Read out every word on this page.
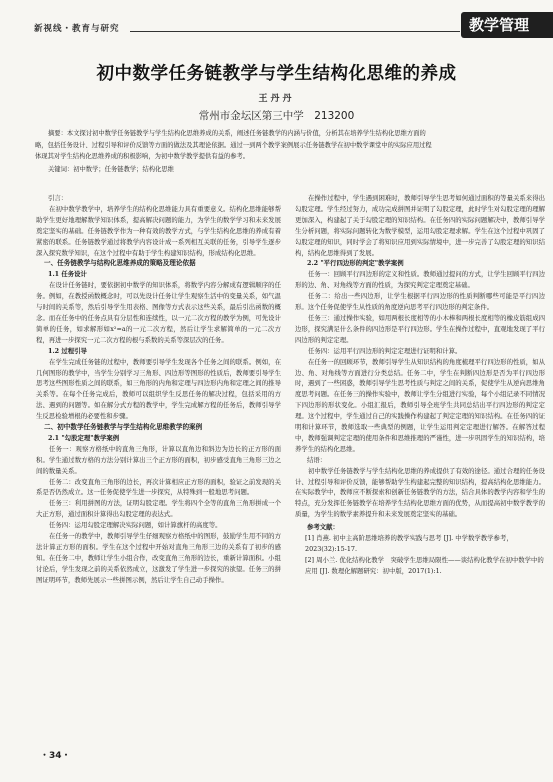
新视线・教育与研究	教学管理
初中数学任务链教学与学生结构化思维的养成
王丹丹
常州市金坛区第三中学　213200
摘要：本文探讨初中数学任务链教学与学生结构化思维养成的关系，阐述任务链教学的内涵与价值，分析其在培养学生结构化思维方面的
略，包括任务设计、过程引导和评价反馈等方面的做法及其理论依据。通过一到两个教学案例展示任务链教学在初中数学课堂中的实际应用过程
体现其对学生结构化思维养成的积极影响，为初中数学教学提供有益的参考。
关键词：初中数学；任务链教学；结构化思维
引言：
在初中数学教学中，培养学生的结构化思维能力具有重要意义。结构化思维能够帮助学生更好地理解数学知识体系，提高解决问题的能力，为学生的数学学习和未来发展奠定坚实的基础。任务链教学作为一种有效的教学方式，与学生结构化思维的养成有着紧密的联系。任务链教学通过将教学内容设计成一系列相互关联的任务，引导学生逐步深入探究数学知识，在这个过程中有助于学生构建知识结构，形成结构化思维。
一、任务链教学与结构化思维养成的策略及理论依据
1.1 任务设计
在设计任务链时，要依据初中数学的知识体系，将数学内容分解成有逻辑顺序的任务。例如，在教授函数概念时，可以先设计任务让学生观察生活中的变量关系，如气温与时间的关系等，然后引导学生用表格、图像等方式表示这些关系，最后引出函数的概念。而在任务中的任务点具有分层性和连续性，以一元二次方程的教学为例，可先设计简单的任务，如求解形如x²=a的一元二次方程，然后让学生求解简单的一元二次方程，再进一步探究一元二次方程的根与系数的关系等深层次的任务。
1.2 过程引导
在学生完成任务链的过程中，教师要引导学生发现各个任务之间的联系。例如，在几何图形的教学中，当学生分别学习三角形、四边形等图形的性质后，教师要引导学生思考这些图形性质之间的联系，如三角形的内角和定理与四边形内角和定理之间的推导关系等。在每个任务完成后，教师可以组织学生反思任务的解决过程，包括采用的方法、遇到的问题等。如在解分式方程的教学中，学生完成解方程的任务后，教师引导学生反思检验增根的必要性和步骤。
二、初中数学任务链教学与学生结构化思维教学的案例
2.1 "勾股定理"教学案例
任务一：观察方格纸中的直角三角形，计算以直角边和斜边为边长的正方形的面积。学生通过数方格的方法分别计算出三个正方形的面积，初步感受直角三角形三边之间的数量关系。
任务二：改变直角三角形的边长，再次计算相应正方形的面积，验证之前发现的关系是否仍然成立。这一任务促使学生进一步探究，从特殊到一般地思考问题。
任务三：利用拼图的方法，证明勾股定理。学生将四个全等的直角三角形拼成一个大正方形，通过面积计算得出勾股定理的表达式。
任务四：运用勾股定理解决实际问题，如计算旗杆的高度等。
在任务一的教学中，教师引导学生仔细观察方格纸中的图形，鼓励学生用不同的方法计算正方形的面积。学生在这个过程中开始对直角三角形三边的关系有了初步的感知。在任务二中，教师让学生小组合作，改变直角三角形的边长，重新计算面积。小组讨论后，学生发现之前的关系依然成立，这激发了学生进一步探究的欲望。任务三的拼图证明环节，教师先展示一些拼图示例，然后让学生自己动手操作。
在操作过程中，学生遇到困难时，教师引导学生思考如何通过面积的等量关系来得出勾股定理。学生经过努力，成功完成拼图并证明了勾股定理，此时学生对勾股定理的理解更加深入，构建起了关于勾股定理的知识结构。在任务四的实际问题解决中，教师引导学生分析问题，将实际问题转化为数学模型，运用勾股定理求解。学生在这个过程中巩固了勾股定理的知识，同时学会了将知识应用到实际情境中，进一步完善了勾股定理的知识结构，结构化思维得到了发展。
2.2 "平行四边形的判定"教学案例
任务一：回顾平行四边形的定义和性质。教师通过提问的方式，让学生回顾平行四边形的边、角、对角线等方面的性质，为探究判定定理奠定基础。
任务二：给出一些四边形，让学生根据平行四边形的性质判断哪些可能是平行四边形。这个任务促使学生从性质的角度逆向思考平行四边形的判定条件。
任务三：通过操作实验，如用两根长度相等的小木棒和两根长度相等的橡皮筋组成四边形，探究满足什么条件的四边形是平行四边形。学生在操作过程中，直观地发现了平行四边形的判定定理。
任务四：运用平行四边形的判定定理进行证明和计算。
在任务一的回顾环节，教师引导学生从知识结构的角度梳理平行四边形的性质，如从边、角、对角线等方面进行分类总结。任务二中，学生在判断四边形是否为平行四边形时，遇到了一些困惑，教师引导学生思考性质与判定之间的关系，促使学生从逆向思维角度思考问题。在任务三的操作实验中，教师让学生分组进行实验，每个小组记录不同情况下四边形的形状变化。小组汇报后，教师引导全班学生共同总结出平行四边形的判定定理。这个过程中，学生通过自己的实践操作构建起了判定定理的知识结构。在任务四的证明和计算环节，教师选取一些典型的例题，让学生运用判定定理进行解答。在解答过程中，教师强调判定定理的使用条件和思维推理的严谨性，进一步巩固学生的知识结构，培养学生的结构化思维。
结语：
初中数学任务链教学与学生结构化思维的养成提供了有效的途径。通过合理的任务设计、过程引导和评价反馈，能够帮助学生构建起完整的知识结构，提高结构化思维能力。在实际教学中，教师应不断探索和创新任务链教学的方法，结合具体的教学内容和学生的特点，充分发挥任务链教学在培养学生结构化思维方面的优势，从而提高初中数学教学的质量，为学生的数学素养提升和未来发展奠定坚实的基础。
参考文献：
[1] 肖燕. 初中主高阶思维培养的教学实践与思考 [J]. 中学数学教学参考，2023(32):15-17.
[2] 周小兰. 优化结构化教学　突破学生思维局限性——谈结构化教学在初中数学中的应用 [J]. 数理化解题研究：初中版，2017(1):1.
・34・
